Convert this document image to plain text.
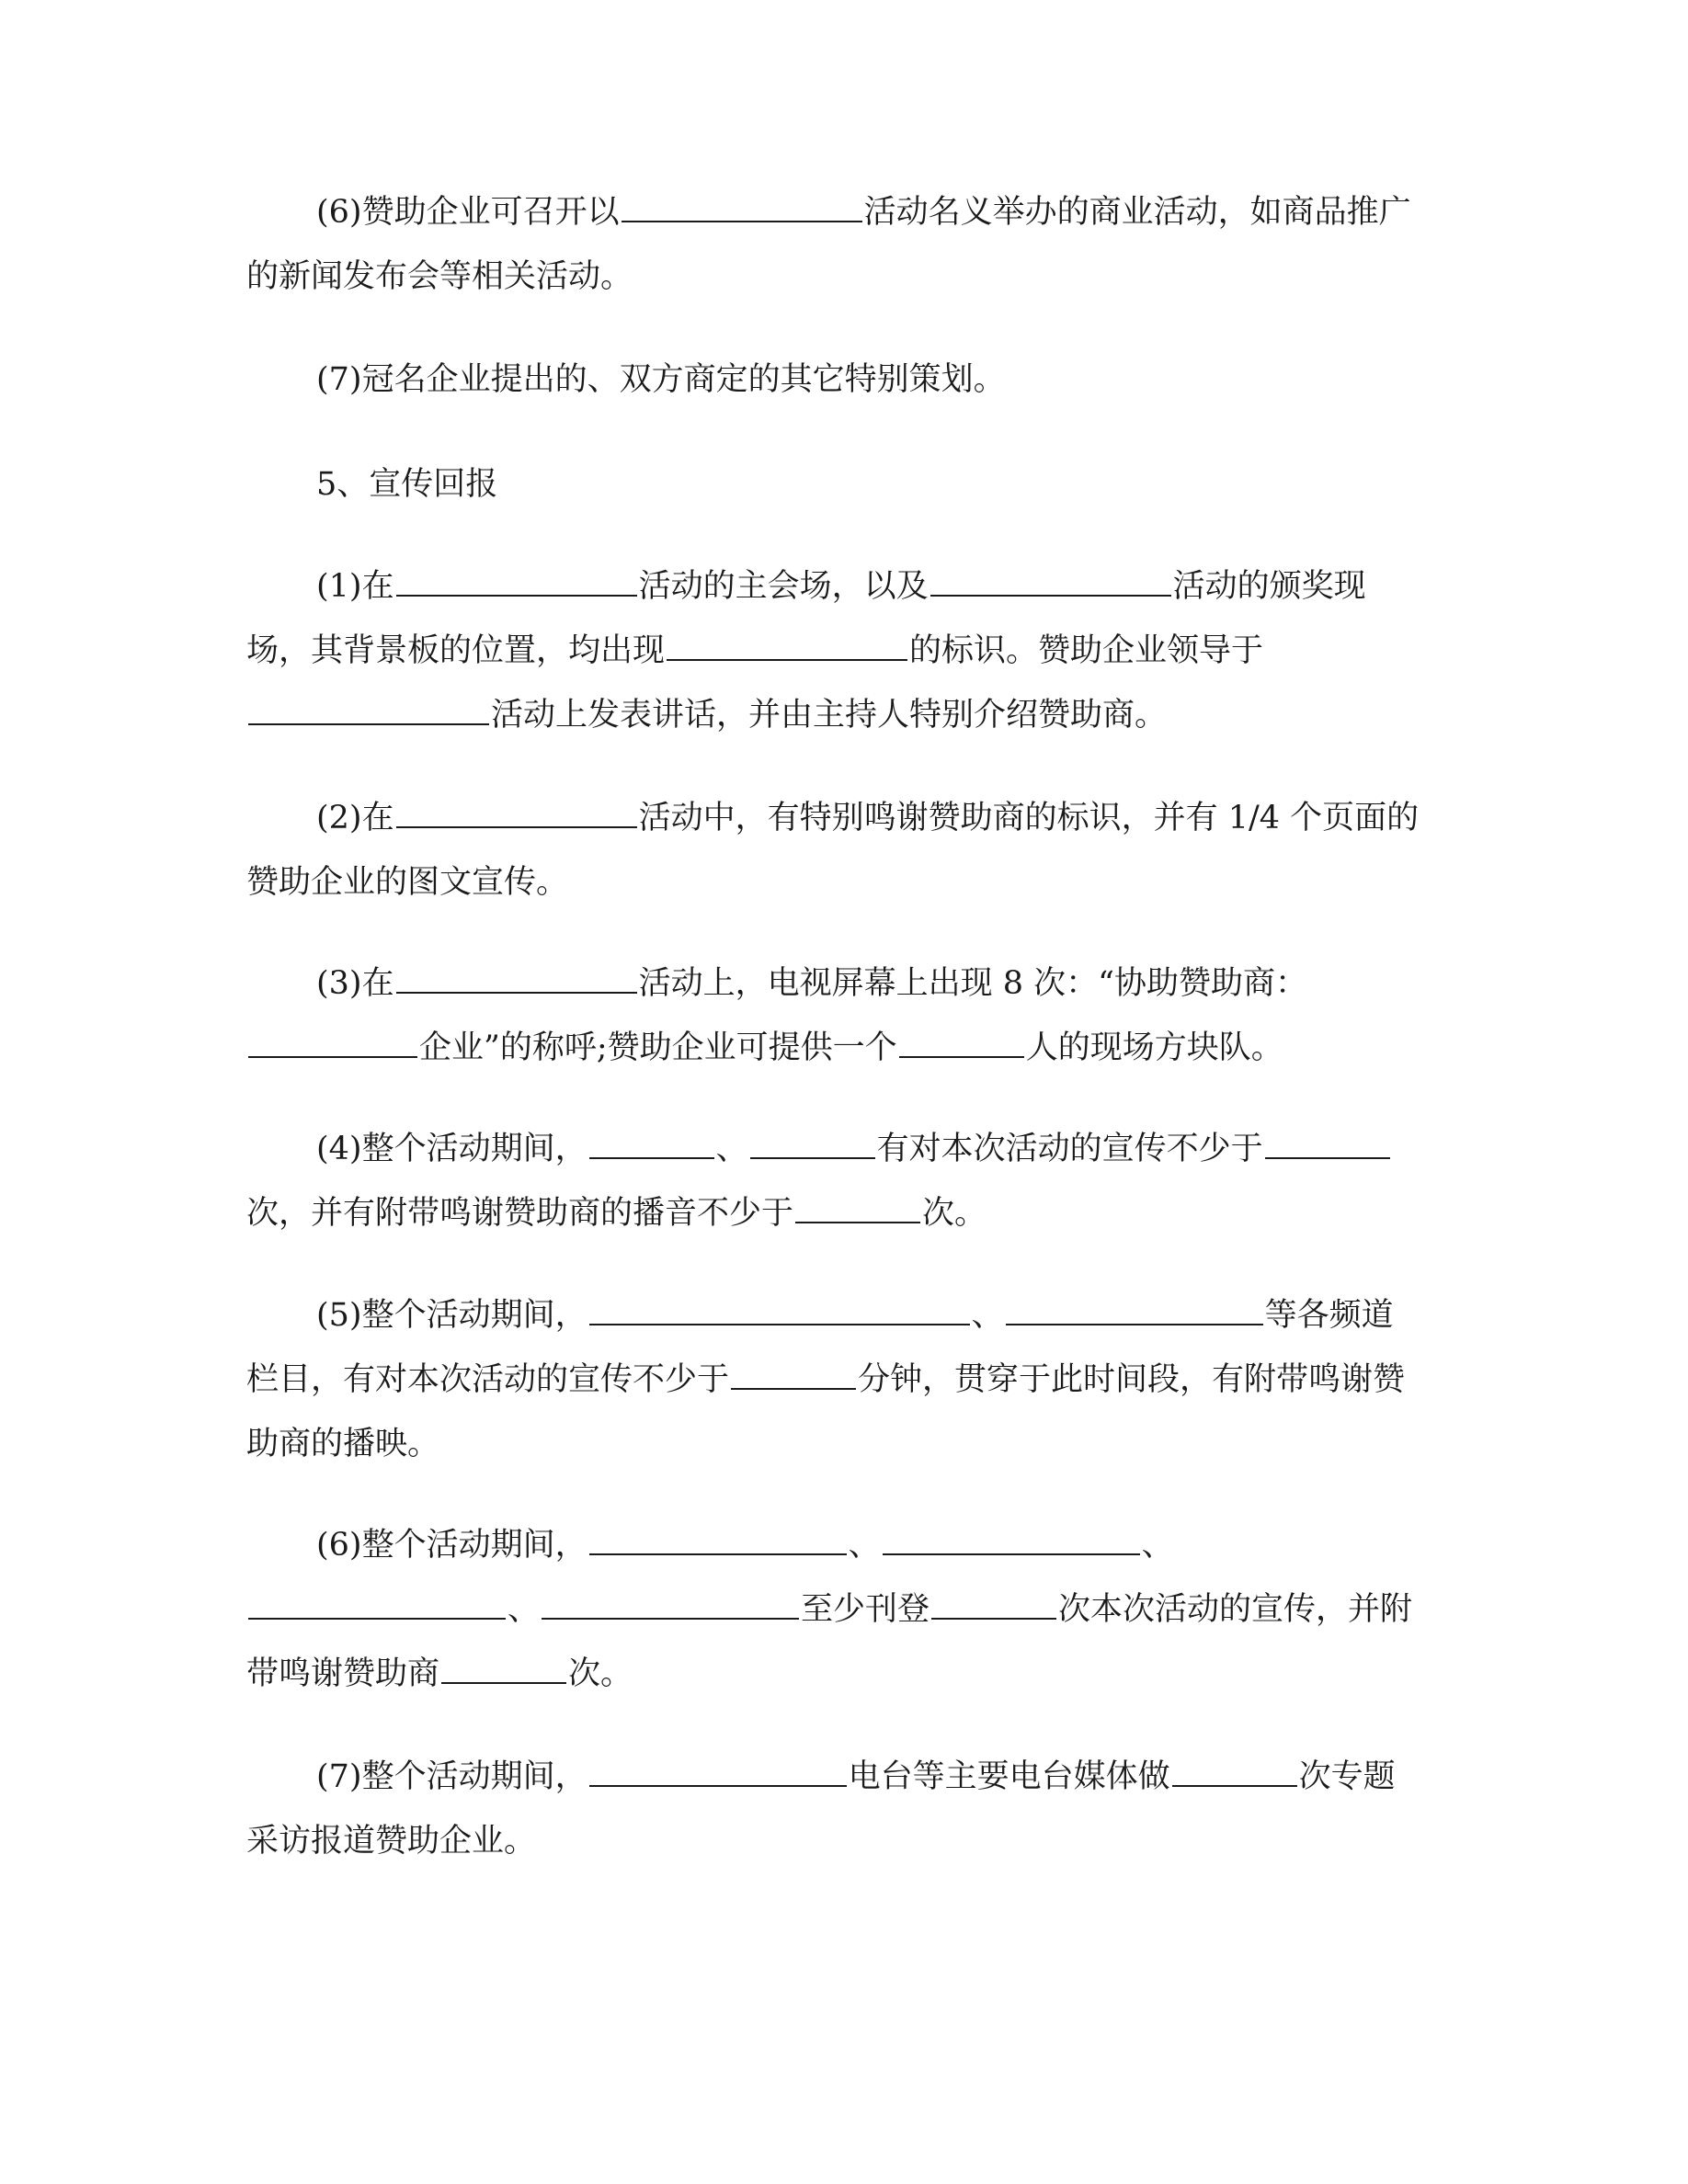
(6)赞助企业可召开以	活动名义举办的商业活动，如商品推广
的新闻发布会等相关活动。
(7)冠名企业提出的、双方商定的其它特别策划。
5、宣传回报
(1)在	活动的主会场，以及	活动的颁奖现
场，其背景板的位置，均出现	的标识。赞助企业领导于
活动上发表讲话，并由主持人特别介绍赞助商。
(2)在	活动中，有特别鸣谢赞助商的标识，并有 1/4 个页面的
赞助企业的图文宣传。
(3)在	活动上，电视屏幕上出现 8 次：“协助赞助商：
企业”的称呼;赞助企业可提供一个	人的现场方块队。
(4)整个活动期间，	、	有对本次活动的宣传不少于
次，并有附带鸣谢赞助商的播音不少于	次。
(5)整个活动期间，	、	等各频道
栏目，有对本次活动的宣传不少于	分钟，贯穿于此时间段，有附带鸣谢赞
助商的播映。
(6)整个活动期间，	、	、
、	至少刊登	次本次活动的宣传，并附
带鸣谢赞助商	次。
(7)整个活动期间，	电台等主要电台媒体做	次专题
采访报道赞助企业。
